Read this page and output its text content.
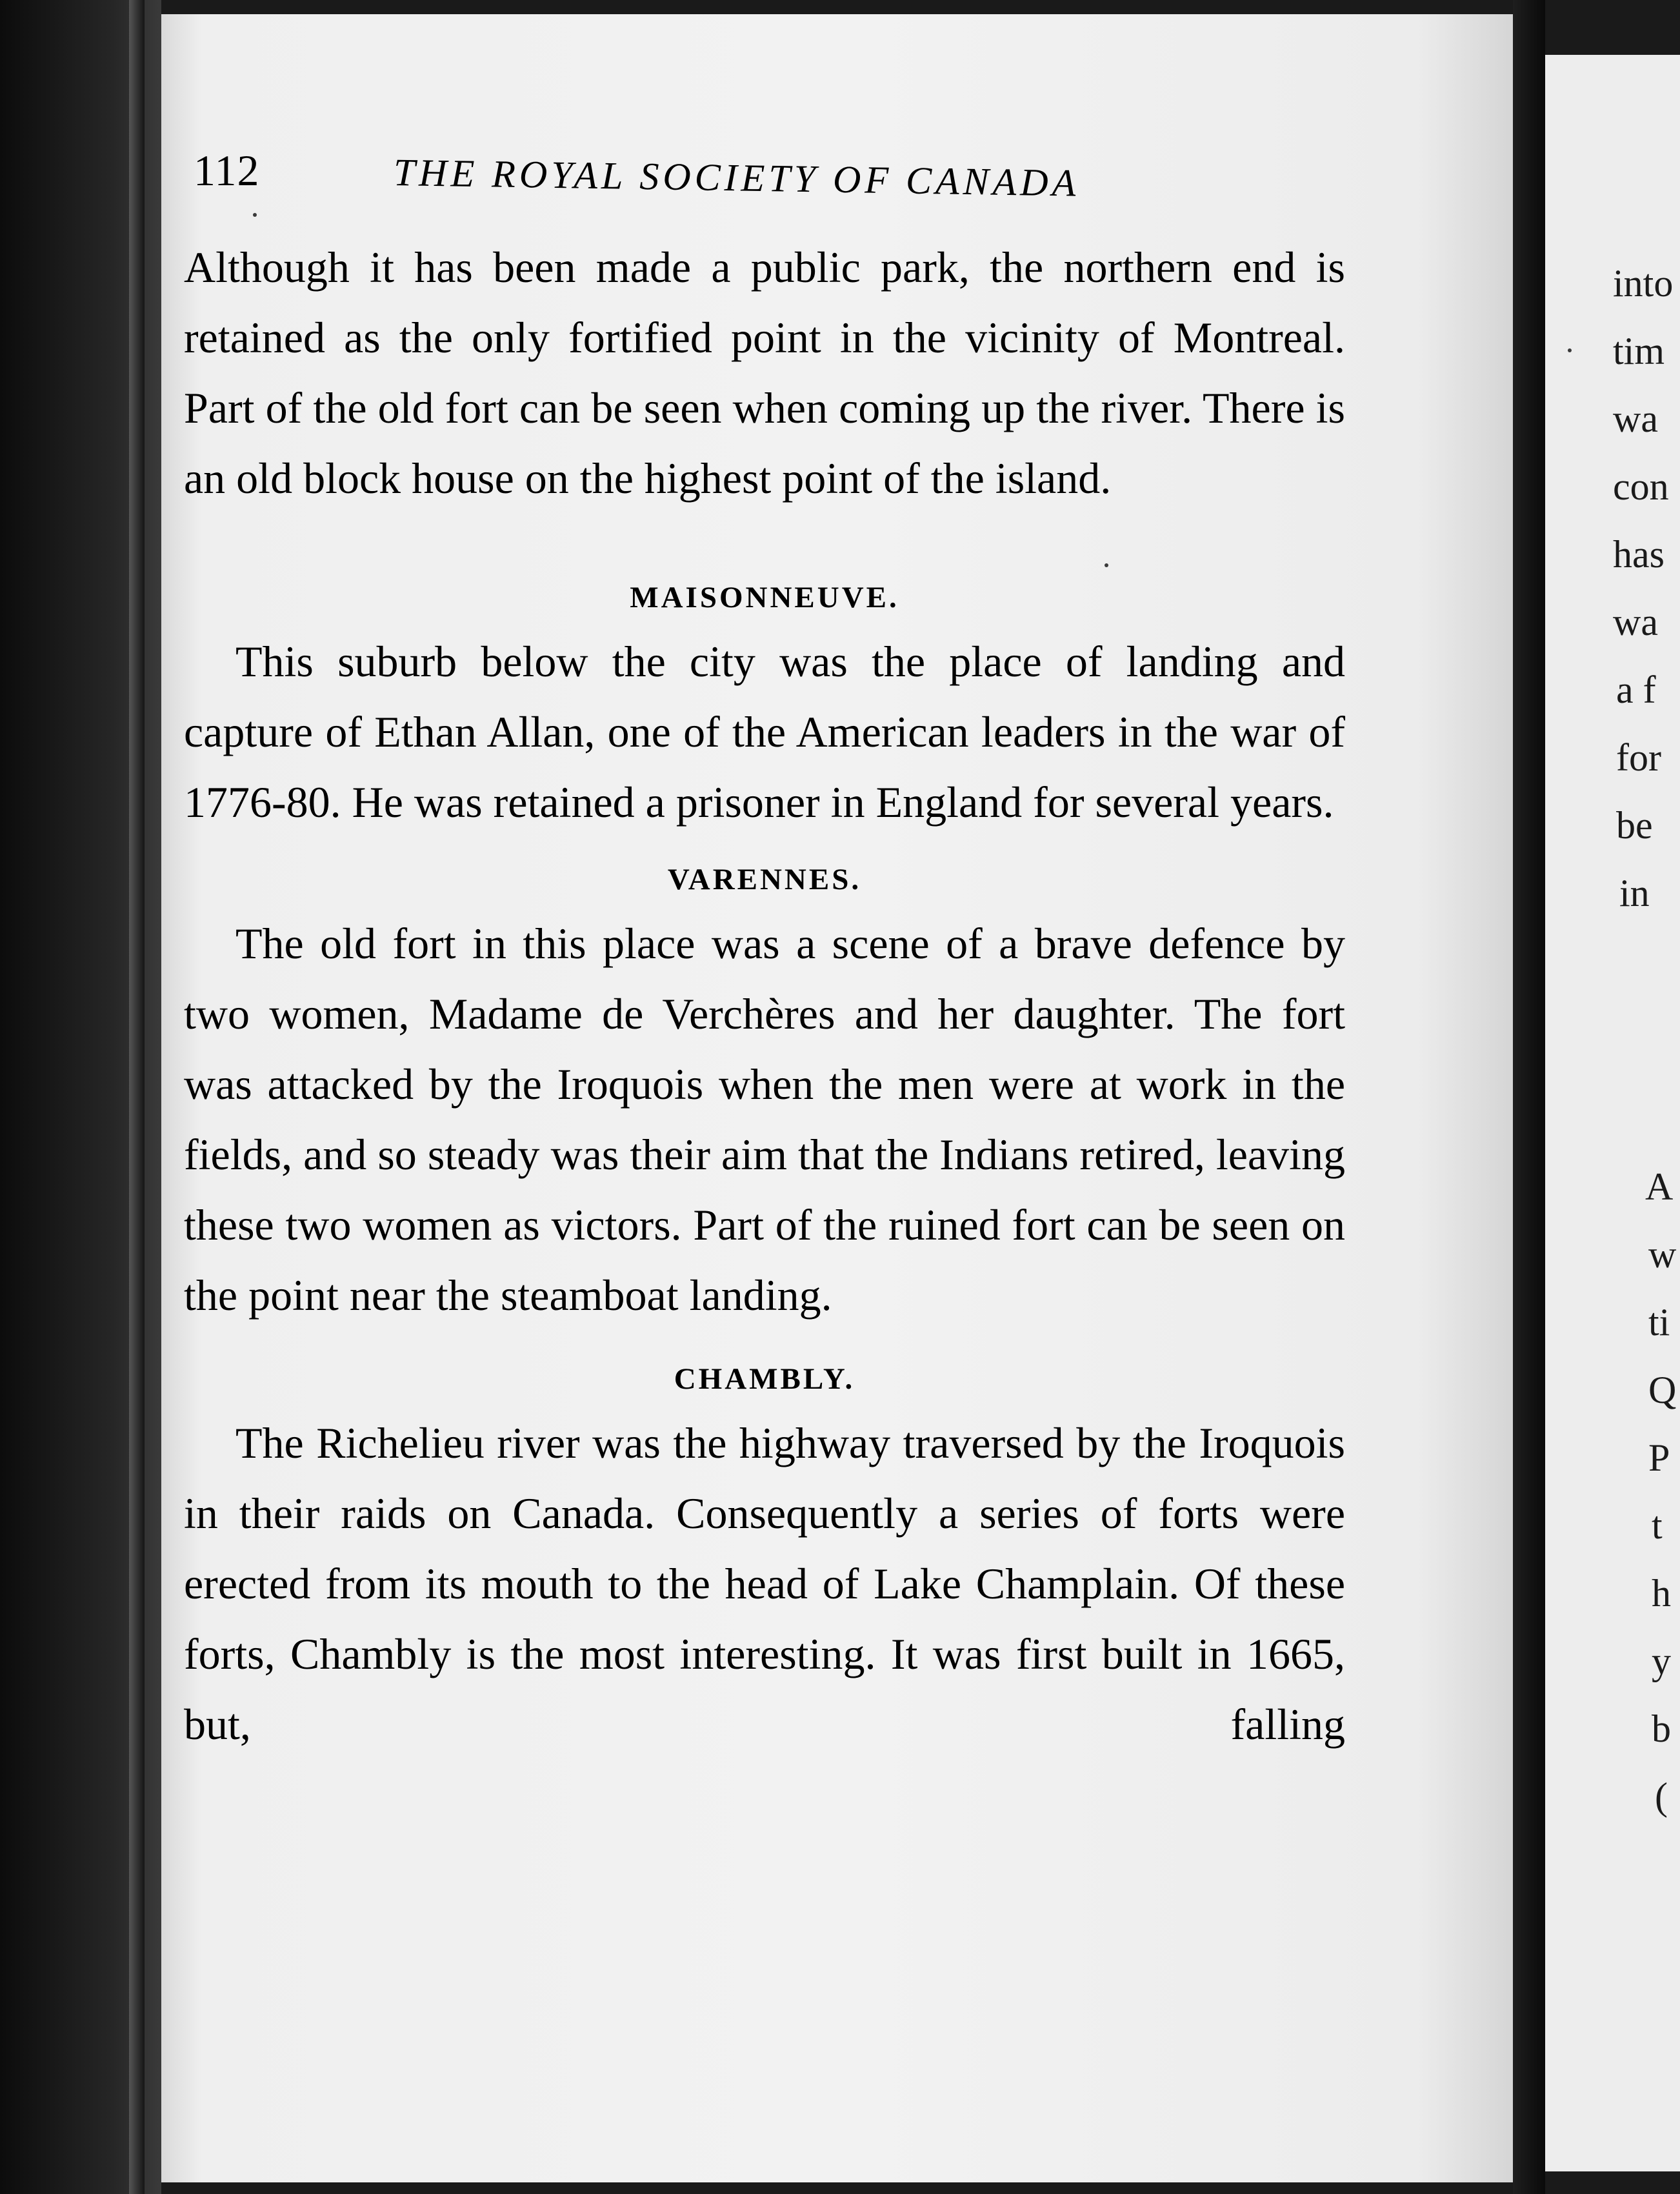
112	THE ROYAL SOCIETY OF CANADA

Although it has been made a public park, the northern end is retained as the only fortified point in the vicinity of Montreal. Part of the old fort can be seen when coming up the river. There is an old block house on the highest point of the island.

MAISONNEUVE.

This suburb below the city was the place of landing and capture of Ethan Allan, one of the American leaders in the war of 1776-80. He was retained a prisoner in England for several years.

VARENNES.

The old fort in this place was a scene of a brave defence by two women, Madame de Verchères and her daughter. The fort was attacked by the Iroquois when the men were at work in the fields, and so steady was their aim that the Indians retired, leaving these two women as victors. Part of the ruined fort can be seen on the point near the steamboat landing.

CHAMBLY.

The Richelieu river was the highway traversed by the Iroquois in their raids on Canada. Consequently a series of forts were erected from its mouth to the head of Lake Champlain. Of these forts, Chambly is the most interesting. It was first built in 1665, but, falling

into
tim
wa
con
has
wa
a f
for
be
in
A
w
ti
Q
P
t
h
y
b
(
